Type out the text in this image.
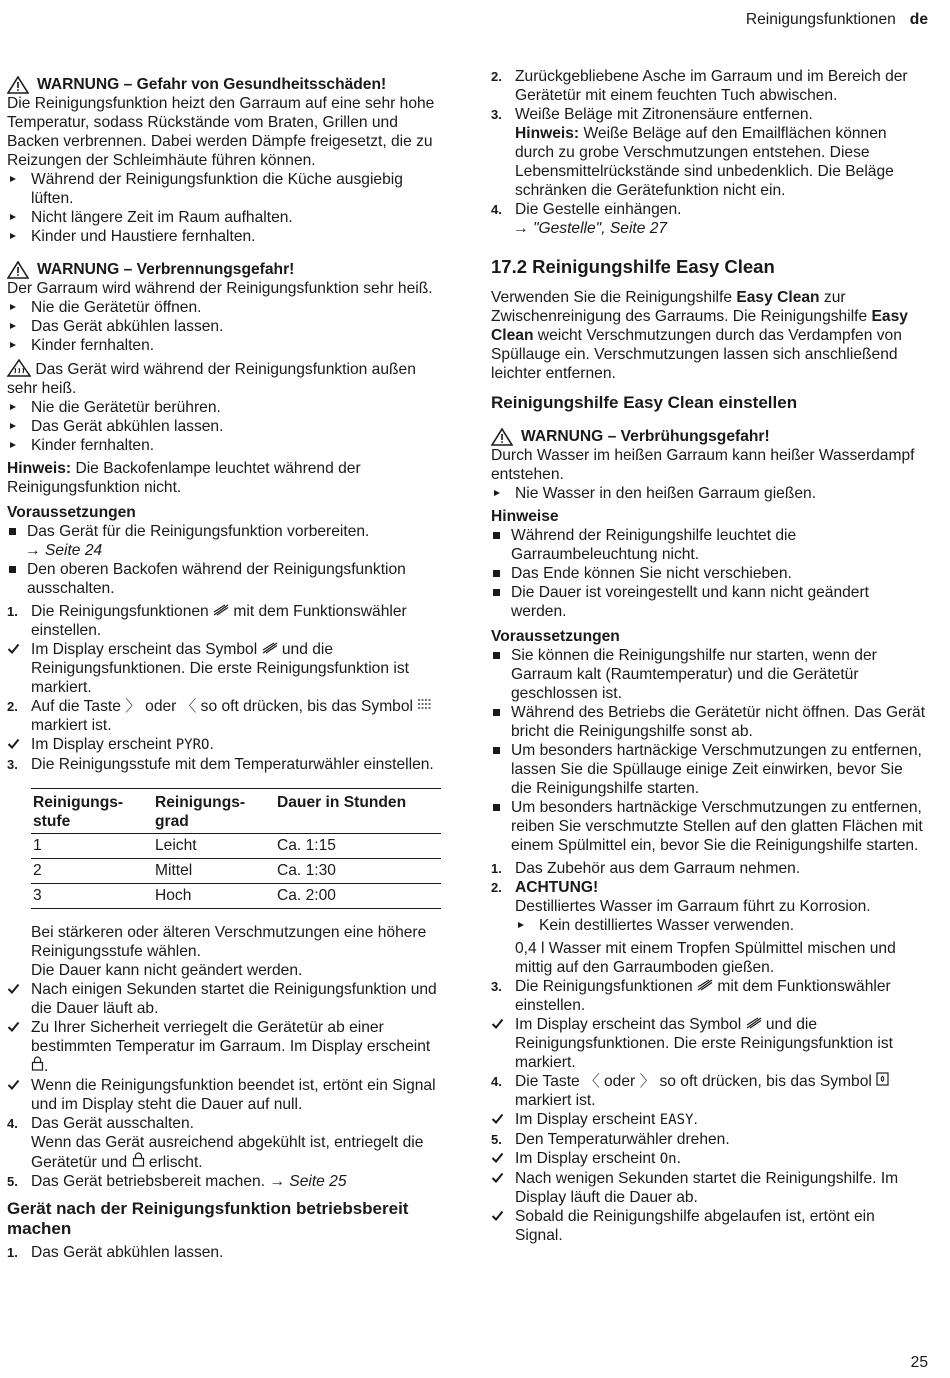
Reinigungsfunktionen de
WARNUNG – Gefahr von Gesundheitsschäden!

Die Reinigungsfunktion heizt den Garraum auf eine sehr hohe Temperatur, sodass Rückstände vom Braten, Grillen und Backen verbrennen. Dabei werden Dämpfe freigesetzt, die zu Reizungen der Schleimhäute führen können.

Während der Reinigungsfunktion die Küche ausgiebig lüften.

Nicht längere Zeit im Raum aufhalten.

Kinder und Haustiere fernhalten.

WARNUNG – Verbrennungsgefahr!

Der Garraum wird während der Reinigungsfunktion sehr heiß.

Nie die Gerätetür öffnen.

Das Gerät abkühlen lassen.

Kinder fernhalten.

Das Gerät wird während der Reinigungsfunktion außen sehr heiß.

Nie die Gerätetür berühren.

Das Gerät abkühlen lassen.

Kinder fernhalten.

Hinweis: Die Backofenlampe leuchtet während der Reinigungsfunktion nicht.

Voraussetzungen

Das Gerät für die Reinigungsfunktion vorbereiten.

→ Seite 24

Den oberen Backofen während der Reinigungsfunktion ausschalten.

1. Die Reinigungsfunktionen  mit dem Funktionswähler einstellen.

Im Display erscheint das Symbol  und die Reinigungsfunktionen. Die erste Reinigungsfunktion ist markiert.

2. Auf die Taste 〉 oder 〈 so oft drücken, bis das Symbol  markiert ist.

Im Display erscheint PYRO.

3. Die Reinigungsstufe mit dem Temperaturwähler einstellen.

Reinigungs-stufe	Reinigungs-grad	Dauer in Stunden
1	Leicht	Ca. 1:15
2	Mittel	Ca. 1:30
3	Hoch	Ca. 2:00

Bei stärkeren oder älteren Verschmutzungen eine höhere Reinigungsstufe wählen.

Die Dauer kann nicht geändert werden.

Nach einigen Sekunden startet die Reinigungsfunktion und die Dauer läuft ab.

Zu Ihrer Sicherheit verriegelt die Gerätetür ab einer bestimmten Temperatur im Garraum. Im Display erscheint .

Wenn die Reinigungsfunktion beendet ist, ertönt ein Signal und im Display steht die Dauer auf null.

4. Das Gerät ausschalten.

Wenn das Gerät ausreichend abgekühlt ist, entriegelt die Gerätetür und  erlischt.

5. Das Gerät betriebsbereit machen. → Seite 25

Gerät nach der Reinigungsfunktion betriebsbereit machen

1. Das Gerät abkühlen lassen.

2. Zurückgebliebene Asche im Garraum und im Bereich der Gerätetür mit einem feuchten Tuch abwischen.

3. Weiße Beläge mit Zitronensäure entfernen.

Hinweis: Weiße Beläge auf den Emailflächen können durch zu grobe Verschmutzungen entstehen. Diese Lebensmittelrückstände sind unbedenklich. Die Beläge schränken die Gerätefunktion nicht ein.

4. Die Gestelle einhängen.

→ "Gestelle", Seite 27

17.2 Reinigungshilfe Easy Clean

Verwenden Sie die Reinigungshilfe Easy Clean zur Zwischenreinigung des Garraums. Die Reinigungshilfe Easy Clean weicht Verschmutzungen durch das Verdampfen von Spüllauge ein. Verschmutzungen lassen sich anschließend leichter entfernen.

Reinigungshilfe Easy Clean einstellen

WARNUNG – Verbrühungsgefahr!

Durch Wasser im heißen Garraum kann heißer Wasserdampf entstehen.

Nie Wasser in den heißen Garraum gießen.

Hinweise

Während der Reinigungshilfe leuchtet die Garraumbeleuchtung nicht.

Das Ende können Sie nicht verschieben.

Die Dauer ist voreingestellt und kann nicht geändert werden.

Voraussetzungen

Sie können die Reinigungshilfe nur starten, wenn der Garraum kalt (Raumtemperatur) und die Gerätetür geschlossen ist.

Während des Betriebs die Gerätetür nicht öffnen. Das Gerät bricht die Reinigungshilfe sonst ab.

Um besonders hartnäckige Verschmutzungen zu entfernen, lassen Sie die Spüllauge einige Zeit einwirken, bevor Sie die Reinigungshilfe starten.

Um besonders hartnäckige Verschmutzungen zu entfernen, reiben Sie verschmutzte Stellen auf den glatten Flächen mit einem Spülmittel ein, bevor Sie die Reinigungshilfe starten.

1. Das Zubehör aus dem Garraum nehmen.

2. ACHTUNG!

Destilliertes Wasser im Garraum führt zu Korrosion.

Kein destilliertes Wasser verwenden.

0,4 l Wasser mit einem Tropfen Spülmittel mischen und mittig auf den Garraumboden gießen.

3. Die Reinigungsfunktionen  mit dem Funktionswähler einstellen.

Im Display erscheint das Symbol  und die Reinigungsfunktionen. Die erste Reinigungsfunktion ist markiert.

4. Die Taste 〈 oder 〉 so oft drücken, bis das Symbol  markiert ist.

Im Display erscheint EASY.

5. Den Temperaturwähler drehen.

Im Display erscheint On.

Nach wenigen Sekunden startet die Reinigungshilfe. Im Display läuft die Dauer ab.

Sobald die Reinigungshilfe abgelaufen ist, ertönt ein Signal.

25
